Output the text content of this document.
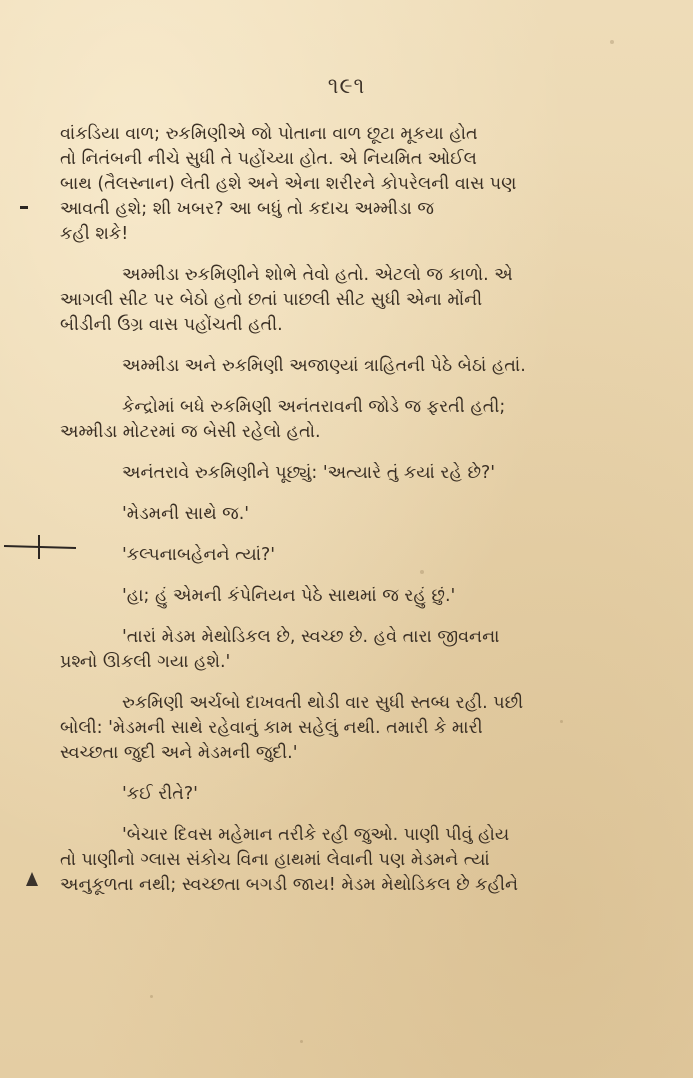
૧૯૧

વાંકડિયા વાળ; રુકમિણીએ જો પોતાના વાળ છૂટા મૂકયા હોત
તો નિતંબની નીચે સુધી તે પહોંચ્યા હોત. એ નિયમિત ઓઈલ
બાથ (તૈલસ્નાન) લેતી હશે અને એના શરીરને કોપરેલની વાસ પણ
આવતી હશે; શી ખબર? આ બધું તો કદાચ અમ્મીડા જ
કહી શકે!

અમ્મીડા રુકમિણીને શોભે તેવો હતો. એટલો જ કાળો. એ
આગલી સીટ પર બેઠો હતો છતાં પાછલી સીટ સુધી એના મોંની
બીડીની ઉગ્ર વાસ પહોંચતી હતી.

અમ્મીડા અને રુકમિણી અજાણ્યાં ત્રાહિતની પેઠે બેઠાં હતાં.

કેન્દ્રોમાં બધે રુકમિણી અનંતરાવની જોડે જ ફરતી હતી;
અમ્મીડા મોટરમાં જ બેસી રહેલો હતો.

અનંતરાવે રુકમિણીને પૂછ્યું: 'અત્યારે તું કયાં રહે છે?'

'મેડમની સાથે જ.'

'કલ્પનાબહેનને ત્યાં?'

'હા; હું એમની કંપેનિયન પેઠે સાથમાં જ રહું છું.'

'તારાં મેડમ મેથોડિકલ છે, સ્વચ્છ છે. હવે તારા જીવનના
પ્રશ્નો ઊકલી ગયા હશે.'

રુકમિણી અર્ચબો દાખવતી થોડી વાર સુધી સ્તબ્ધ રહી. પછી
બોલી: 'મેડમની સાથે રહેવાનું કામ સહેલું નથી. તમારી કે મારી
સ્વચ્છતા જુદી અને મેડમની જુદી.'

'કઈ રીતે?'

'બેચાર દિવસ મહેમાન તરીકે રહી જુઓ. પાણી પીવું હોય
તો પાણીનો ગ્લાસ સંકોચ વિના હાથમાં લેવાની પણ મેડમને ત્યાં
અનુકૂળતા નથી; સ્વચ્છતા બગડી જાય! મેડમ મેથોડિકલ છે કહીને
